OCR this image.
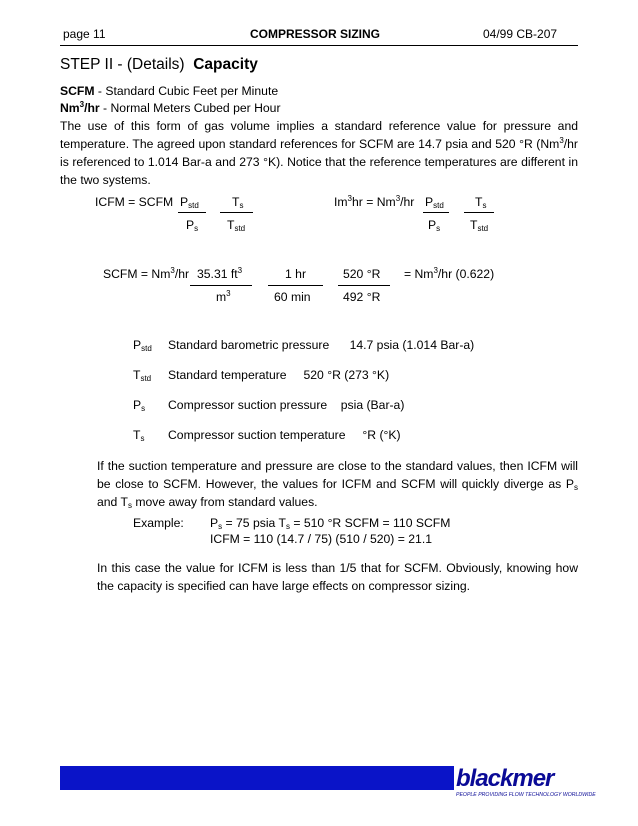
page 11	COMPRESSOR SIZING	04/99 CB-207
STEP II - (Details) Capacity
SCFM - Standard Cubic Feet per Minute
Nm$^3$/hr - Normal Meters Cubed per Hour
The use of this form of gas volume implies a standard reference value for pressure and temperature. The agreed upon standard references for SCFM are 14.7 psia and 520 °R (Nm$^3$/hr is referenced to 1.014 Bar-a and 273 °K). Notice that the reference temperatures are different in the two systems.
ICFM = SCFM $P_{std}$
$P_s$
$T_s$
$T_{std}$
$Im^3hr = Nm^3/hr$ $P_{std}$
$P_s$
$T_s$
$T_{std}$
SCFM = $Nm^3/hr$ 35.31 $ft^3$
$m^3$
1 hr
60 min
520 °R
492 °R
= $Nm^3/hr$ (0.622)
$P_{std}$ Standard barometric pressure 14.7 psia (1.014 Bar-a)
$T_{std}$ Standard temperature 520 °R (273 °K)
$P_s$ Compressor suction pressure psia (Bar-a)
$T_s$ Compressor suction temperature °R (°K)
If the suction temperature and pressure are close to the standard values, then ICFM will be close to SCFM. However, the values for ICFM and SCFM will quickly diverge as $P_s$ and $T_s$ move away from standard values.
Example: $P_s = 75$ psia $T_s = 510$ °R SCFM = 110 SCFM
ICFM = 110 (14.7 / 75) (510 / 520) = 21.1
In this case the value for ICFM is less than 1/5 that for SCFM. Obviously, knowing how the capacity is specified can have large effects on compressor sizing.
blackmer
PEOPLE PROVIDING FLOW TECHNOLOGY WORLDWIDE
